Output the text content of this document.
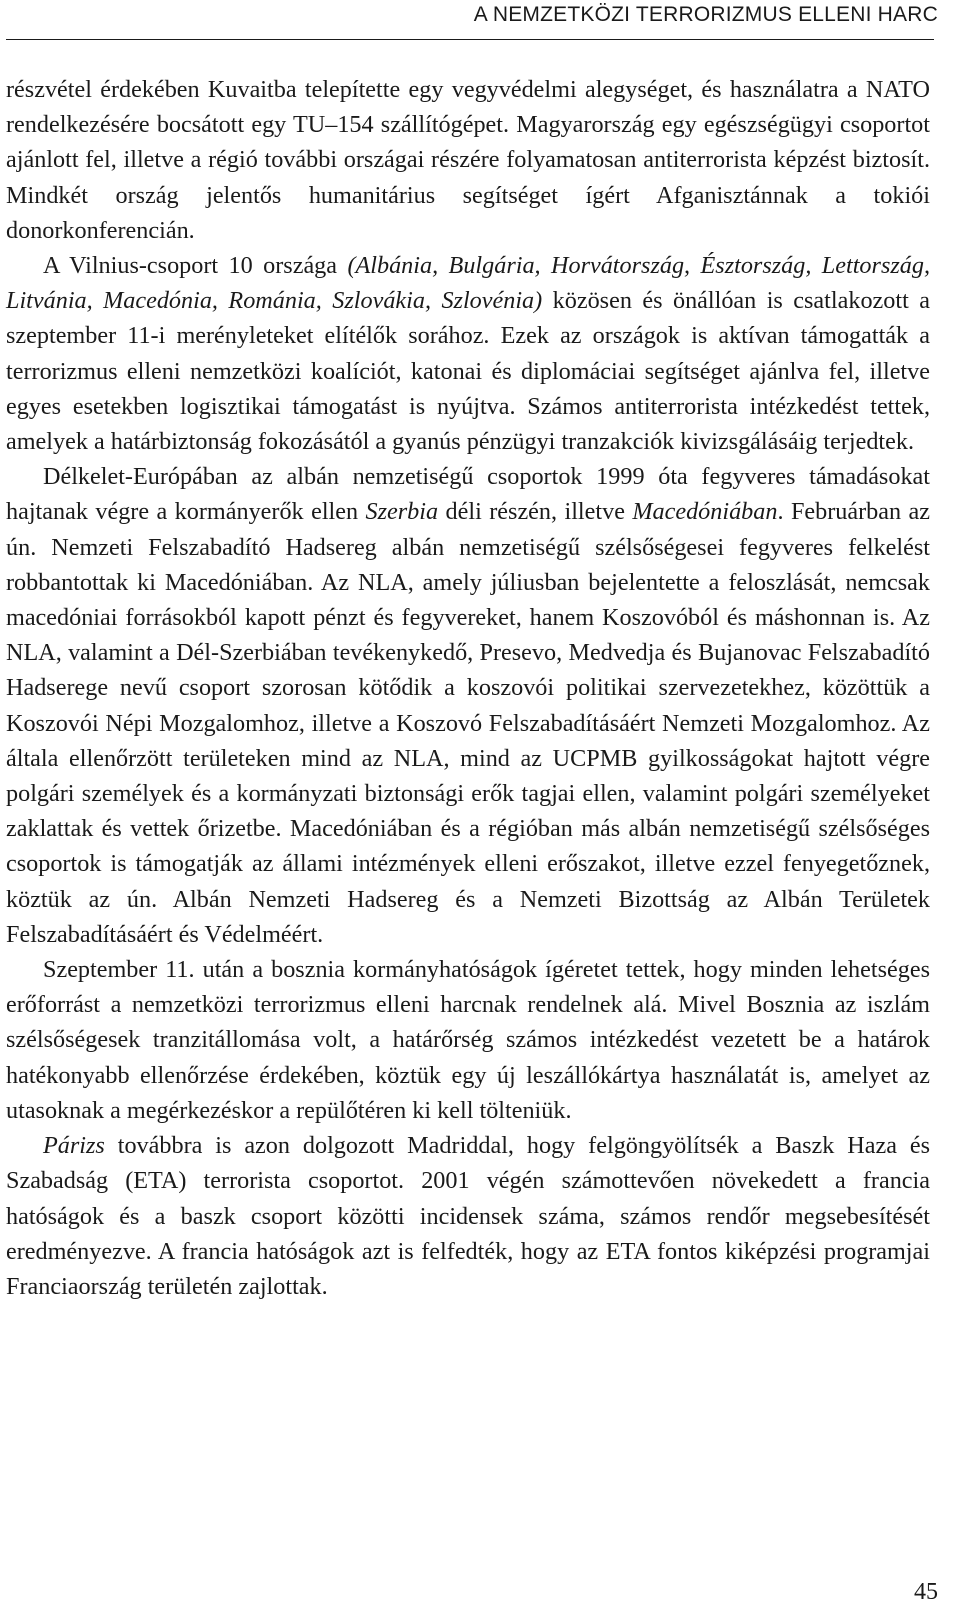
A NEMZETKÖZI TERRORIZMUS ELLENI HARC

részvétel érdekében Kuvaitba telepítette egy vegyvédelmi alegységet, és használatra a NATO rendelkezésére bocsátott egy TU–154 szállítógépet. Magyarország egy egészségügyi csoportot ajánlott fel, illetve a régió további országai részére folyamatosan antiterrorista képzést biztosít. Mindkét ország jelentős humanitárius segítséget ígért Afganisztánnak a tokiói donorkonferencián.

A Vilnius-csoport 10 országa (Albánia, Bulgária, Horvátország, Észtország, Lettország, Litvánia, Macedónia, Románia, Szlovákia, Szlovénia) közösen és önállóan is csatlakozott a szeptember 11-i merényleteket elítélők sorához. Ezek az országok is aktívan támogatták a terrorizmus elleni nemzetközi koalíciót, katonai és diplomáciai segítséget ajánlva fel, illetve egyes esetekben logisztikai támogatást is nyújtva. Számos antiterrorista intézkedést tettek, amelyek a határbiztonság fokozásától a gyanús pénzügyi tranzakciók kivizsgálásáig terjedtek.

Délkelet-Európában az albán nemzetiségű csoportok 1999 óta fegyveres támadásokat hajtanak végre a kormányerők ellen Szerbia déli részén, illetve Macedóniában. Februárban az ún. Nemzeti Felszabadító Hadsereg albán nemzetiségű szélsőségesei fegyveres felkelést robbantottak ki Macedóniában. Az NLA, amely júliusban bejelentette a feloszlását, nemcsak macedóniai forrásokból kapott pénzt és fegyvereket, hanem Koszovóból és máshonnan is. Az NLA, valamint a Dél-Szerbiában tevékenykedő, Presevo, Medvedja és Bujanovac Felszabadító Hadserege nevű csoport szorosan kötődik a koszovói politikai szervezetekhez, közöttük a Koszovói Népi Mozgalomhoz, illetve a Koszovó Felszabadításáért Nemzeti Mozgalomhoz. Az általa ellenőrzött területeken mind az NLA, mind az UCPMB gyilkosságokat hajtott végre polgári személyek és a kormányzati biztonsági erők tagjai ellen, valamint polgári személyeket zaklattak és vettek őrizetbe. Macedóniában és a régióban más albán nemzetiségű szélsőséges csoportok is támogatják az állami intézmények elleni erőszakot, illetve ezzel fenyegetőznek, köztük az ún. Albán Nemzeti Hadsereg és a Nemzeti Bizottság az Albán Területek Felszabadításáért és Védelméért.

Szeptember 11. után a bosznia kormányhatóságok ígéretet tettek, hogy minden lehetséges erőforrást a nemzetközi terrorizmus elleni harcnak rendelnek alá. Mivel Bosznia az iszlám szélsőségesek tranzitállomása volt, a határőrség számos intézkedést vezetett be a határok hatékonyabb ellenőrzése érdekében, köztük egy új leszállókártya használatát is, amelyet az utasoknak a megérkezéskor a repülőtéren ki kell tölteniük.

Párizs továbbra is azon dolgozott Madriddal, hogy felgöngyölítsék a Baszk Haza és Szabadság (ETA) terrorista csoportot. 2001 végén számottevően növekedett a francia hatóságok és a baszk csoport közötti incidensek száma, számos rendőr megsebesítését eredményezve. A francia hatóságok azt is felfedték, hogy az ETA fontos kiképzési programjai Franciaország területén zajlottak.

45
